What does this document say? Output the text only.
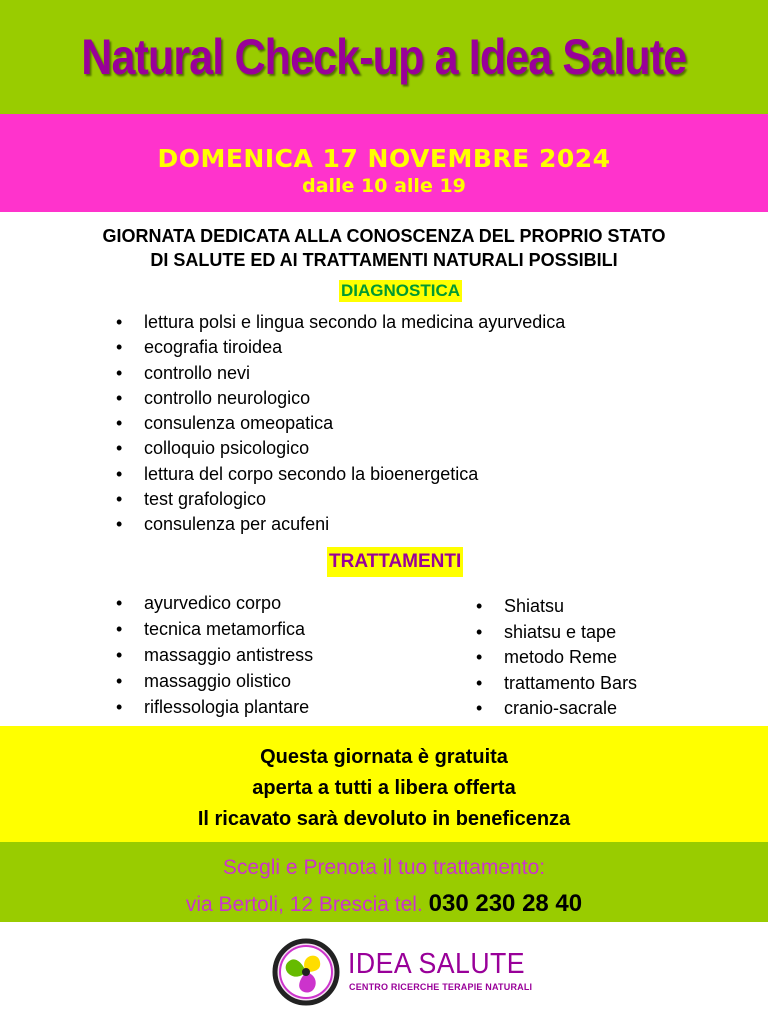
Natural Check-up a Idea Salute
DOMENICA 17 NOVEMBRE 2024
dalle 10 alle 19
GIORNATA DEDICATA ALLA CONOSCENZA DEL PROPRIO STATO
DI SALUTE ED AI TRATTAMENTI NATURALI POSSIBILI
DIAGNOSTICA
• lettura polsi e lingua secondo la medicina ayurvedica
• ecografia tiroidea
• controllo nevi
• controllo neurologico
• consulenza omeopatica
• colloquio psicologico
• lettura del corpo secondo la bioenergetica
• test grafologico
• consulenza per acufeni
TRATTAMENTI
• ayurvedico corpo
• tecnica metamorfica
• massaggio antistress
• massaggio olistico
• riflessologia plantare
• Shiatsu
• shiatsu e tape
• metodo Reme
• trattamento Bars
• cranio-sacrale
Questa giornata è gratuita
aperta a tutti a libera offerta
Il ricavato sarà devoluto in beneficenza
Scegli e Prenota il tuo trattamento:
via Bertoli, 12 Brescia tel. 030 230 28 40
IDEA SALUTE
CENTRO RICERCHE TERAPIE NATURALI
